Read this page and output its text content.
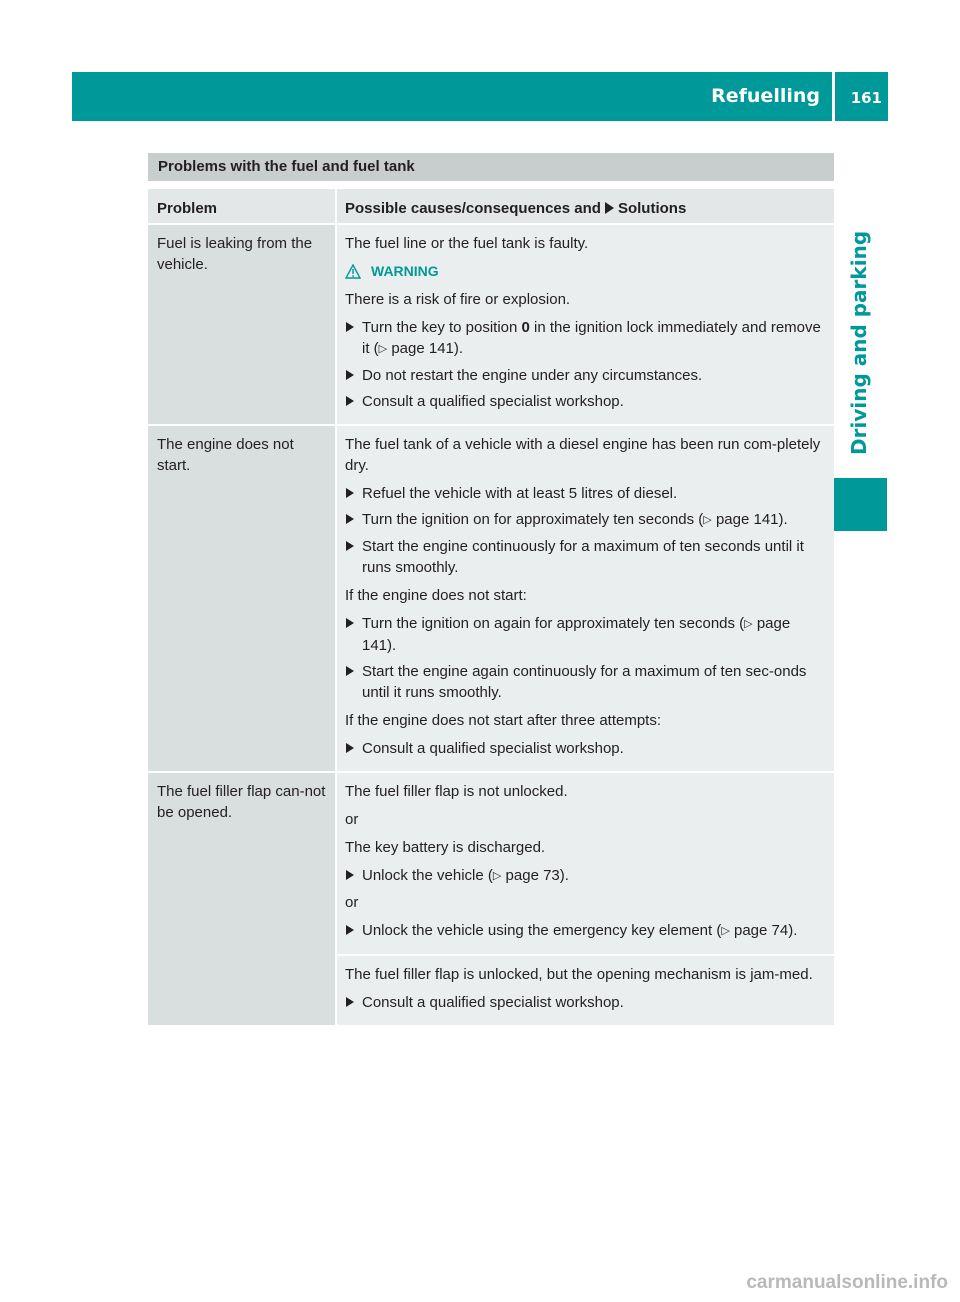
Refuelling 161
Driving and parking
Problems with the fuel and fuel tank
Problem	Possible causes/consequences and Solutions
Fuel is leaking from the vehicle.

The fuel line or the fuel tank is faulty.

WARNING

There is a risk of fire or explosion.

Turn the key to position 0 in the ignition lock immediately and remove it (▷ page 141).

Do not restart the engine under any circumstances.

Consult a qualified specialist workshop.

The engine does not start.

The fuel tank of a vehicle with a diesel engine has been run com-pletely dry.

Refuel the vehicle with at least 5 litres of diesel.

Turn the ignition on for approximately ten seconds (▷ page 141).

Start the engine continuously for a maximum of ten seconds until it runs smoothly.

If the engine does not start:

Turn the ignition on again for approximately ten seconds (▷ page 141).

Start the engine again continuously for a maximum of ten sec-onds until it runs smoothly.

If the engine does not start after three attempts:

Consult a qualified specialist workshop.

The fuel filler flap can-not be opened.

The fuel filler flap is not unlocked.

or

The key battery is discharged.

Unlock the vehicle (▷ page 73).

or

Unlock the vehicle using the emergency key element (▷ page 74).

The fuel filler flap is unlocked, but the opening mechanism is jam-med.

Consult a qualified specialist workshop.

carmanualsonline.info
